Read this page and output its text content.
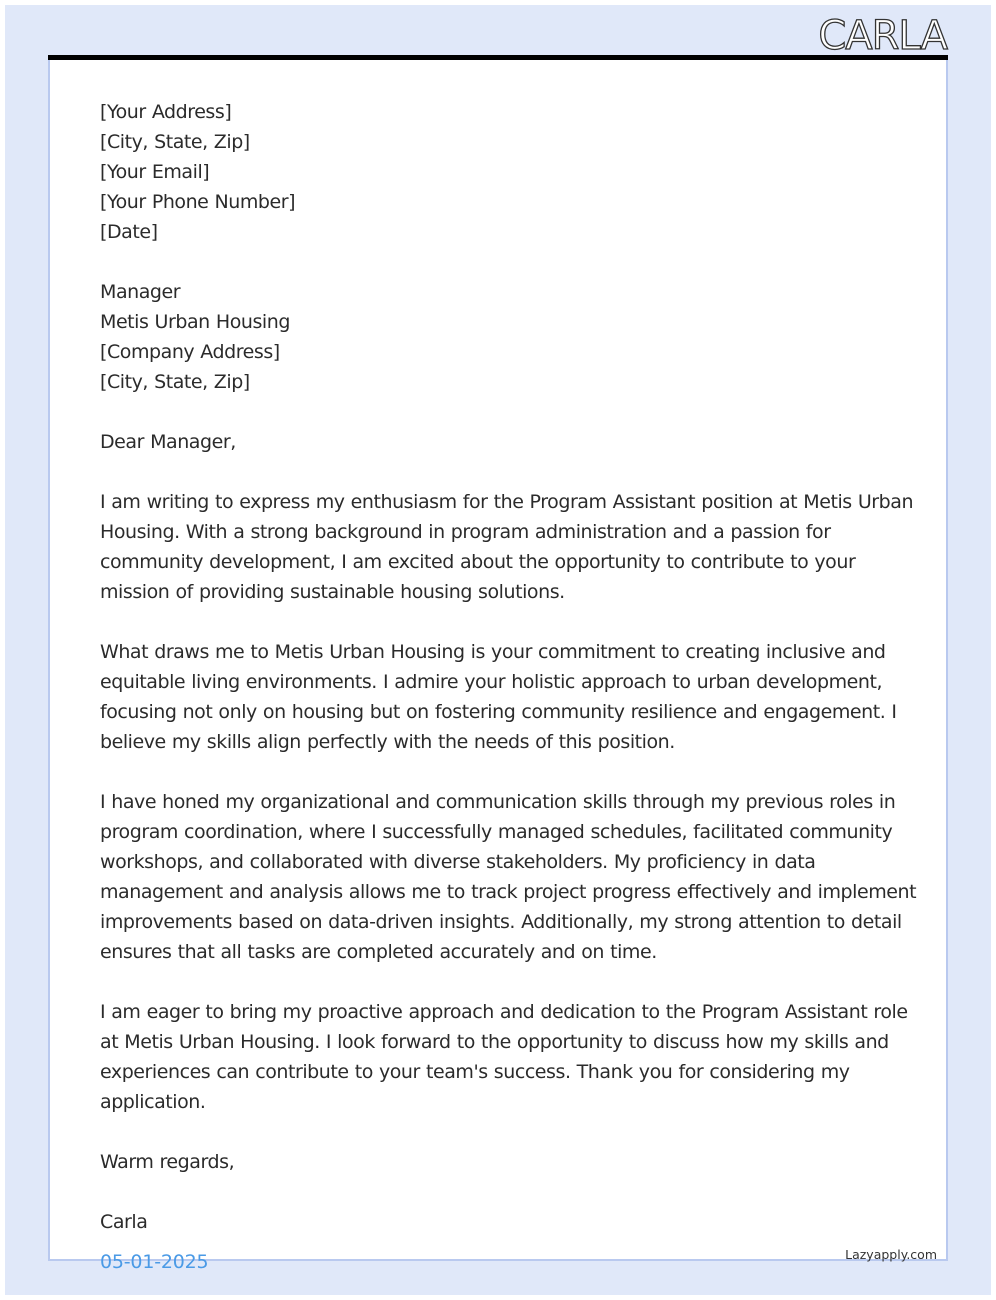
CARLA
[Your Address]
[City, State, Zip]
[Your Email]
[Your Phone Number]
[Date]
Manager
Metis Urban Housing
[Company Address]
[City, State, Zip]
Dear Manager,
I am writing to express my enthusiasm for the Program Assistant position at Metis Urban
Housing. With a strong background in program administration and a passion for
community development, I am excited about the opportunity to contribute to your
mission of providing sustainable housing solutions.
What draws me to Metis Urban Housing is your commitment to creating inclusive and
equitable living environments. I admire your holistic approach to urban development,
focusing not only on housing but on fostering community resilience and engagement. I
believe my skills align perfectly with the needs of this position.
I have honed my organizational and communication skills through my previous roles in
program coordination, where I successfully managed schedules, facilitated community
workshops, and collaborated with diverse stakeholders. My proficiency in data
management and analysis allows me to track project progress effectively and implement
improvements based on data-driven insights. Additionally, my strong attention to detail
ensures that all tasks are completed accurately and on time.
I am eager to bring my proactive approach and dedication to the Program Assistant role
at Metis Urban Housing. I look forward to the opportunity to discuss how my skills and
experiences can contribute to your team's success. Thank you for considering my
application.
Warm regards,
Carla
05-01-2025	Lazyapply.com
